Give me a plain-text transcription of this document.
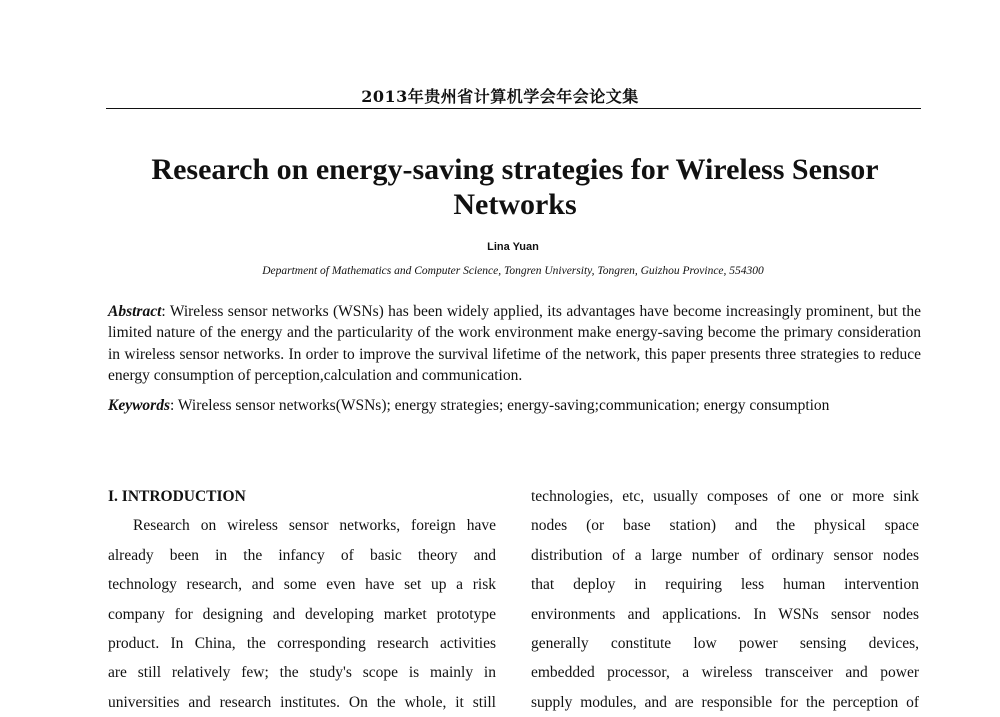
2013年贵州省计算机学会年会论文集
Research on energy-saving strategies for Wireless Sensor Networks
Lina Yuan
Department of Mathematics and Computer Science, Tongren University, Tongren, Guizhou Province, 554300
Abstract: Wireless sensor networks (WSNs) has been widely applied, its advantages have become increasingly prominent, but the limited nature of the energy and the particularity of the work environment make energy-saving become the primary consideration in wireless sensor networks. In order to improve the survival lifetime of the network, this paper presents three strategies to reduce energy consumption of perception,calculation and communication.
Keywords: Wireless sensor networks(WSNs); energy strategies; energy-saving;communication; energy consumption
I. INTRODUCTION
Research on wireless sensor networks, foreign have
already been in the infancy of basic theory and
technology research, and some even have set up a risk
company for designing and developing market prototype
product. In China, the corresponding research activities
are still relatively few; the study's scope is mainly in
universities and research institutes. On the whole, it still
technologies, etc, usually composes of one or more sink
nodes (or base station) and the physical space
distribution of a large number of ordinary sensor nodes
that deploy in requiring less human intervention
environments and applications. In WSNs sensor nodes
generally constitute low power sensing devices,
embedded processor, a wireless transceiver and power
supply modules, and are responsible for the perception of
